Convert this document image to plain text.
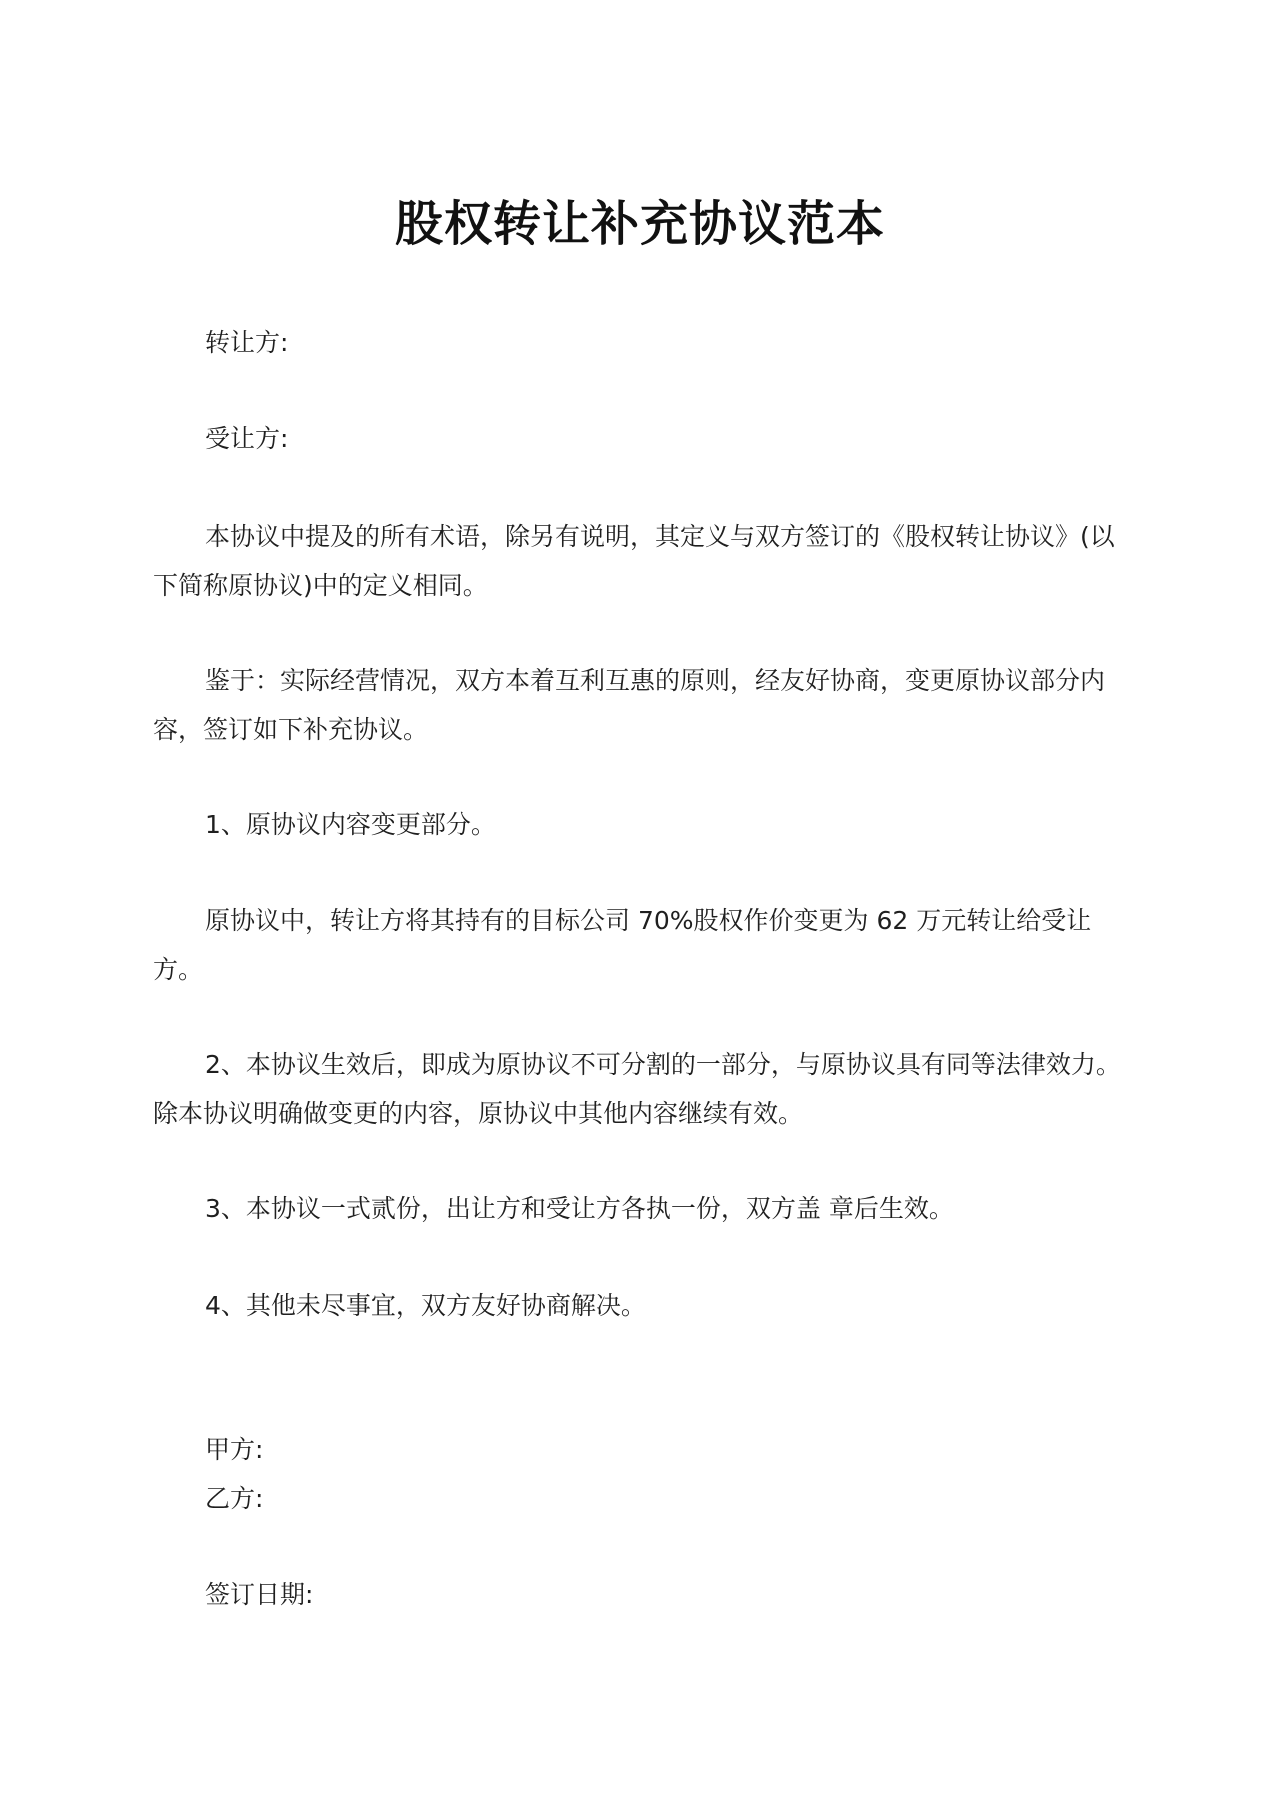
股权转让补充协议范本

转让方:

受让方:

本协议中提及的所有术语，除另有说明，其定义与双方签订的《股权转让协议》(以下简称原协议)中的定义相同。

鉴于：实际经营情况，双方本着互利互惠的原则，经友好协商，变更原协议部分内容，签订如下补充协议。

1、原协议内容变更部分。

原协议中，转让方将其持有的目标公司 70%股权作价变更为 62 万元转让给受让方。

2、本协议生效后，即成为原协议不可分割的一部分，与原协议具有同等法律效力。除本协议明确做变更的内容，原协议中其他内容继续有效。

3、本协议一式贰份，出让方和受让方各执一份，双方盖 章后生效。

4、其他未尽事宜，双方友好协商解决。

甲方:

乙方:

签订日期:
